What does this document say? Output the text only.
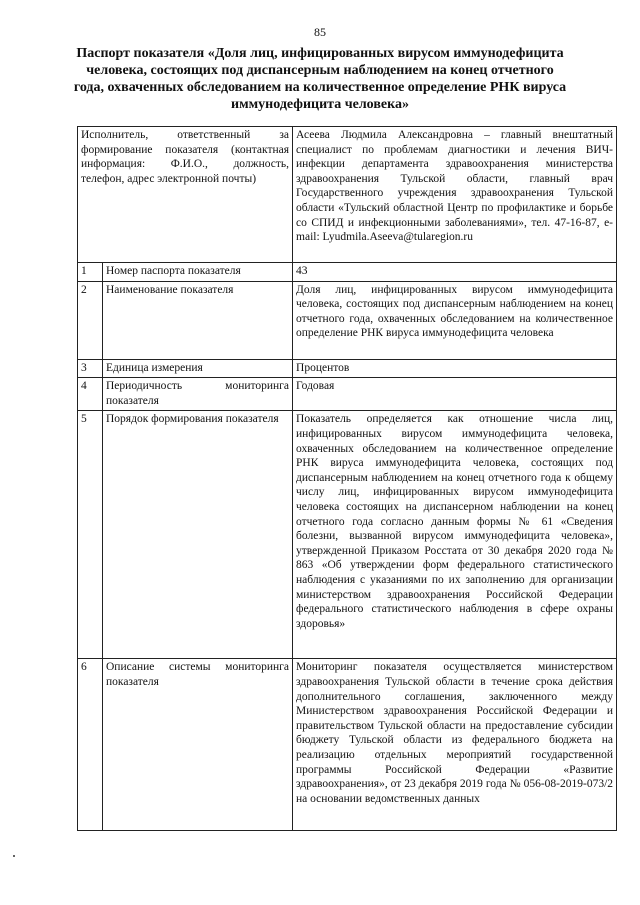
85
Паспорт показателя «Доля лиц, инфицированных вирусом иммунодефицита человека, состоящих под диспансерным наблюдением на конец отчетного года, охваченных обследованием на количественное определение РНК вируса иммунодефицита человека»
Исполнитель, ответственный за формирование показателя (контактная информация: Ф.И.О., должность, телефон, адрес электронной почты)		Асеева Людмила Александровна – главный внештатный специалист по проблемам диагностики и лечения ВИЧ-инфекции департамента здравоохранения министерства здравоохранения Тульской области, главный врач Государственного учреждения здравоохранения Тульской области «Тульский областной Центр по профилактике и борьбе со СПИД и инфекционными заболеваниями», тел. 47-16-87, e-mail: Lyudmila.Aseeva@tularegion.ru
1	Номер паспорта показателя	43
2	Наименование показателя	Доля лиц, инфицированных вирусом иммунодефицита человека, состоящих под диспансерным наблюдением на конец отчетного года, охваченных обследованием на количественное определение РНК вируса иммунодефицита человека
3	Единица измерения	Процентов
4	Периодичность мониторинга показателя	Годовая
5	Порядок формирования показателя	Показатель определяется как отношение числа лиц, инфицированных вирусом иммунодефицита человека, охваченных обследованием на количественное определение РНК вируса иммунодефицита человека, состоящих под диспансерным наблюдением на конец отчетного года к общему числу лиц, инфицированных вирусом иммунодефицита человека состоящих на диспансерном наблюдении на конец отчетного года согласно данным формы № 61 «Сведения болезни, вызванной вирусом иммунодефицита человека», утвержденной Приказом Росстата от 30 декабря 2020 года № 863 «Об утверждении форм федерального статистического наблюдения с указаниями по их заполнению для организации министерством здравоохранения Российской Федерации федерального статистического наблюдения в сфере охраны здоровья»
6	Описание системы мониторинга показателя	Мониторинг показателя осуществляется министерством здравоохранения Тульской области в течение срока действия дополнительного соглашения, заключенного между Министерством здравоохранения Российской Федерации и правительством Тульской области на предоставление субсидии бюджету Тульской области из федерального бюджета на реализацию отдельных мероприятий государственной программы Российской Федерации «Развитие здравоохранения», от 23 декабря 2019 года № 056-08-2019-073/2 на основании ведомственных данных
